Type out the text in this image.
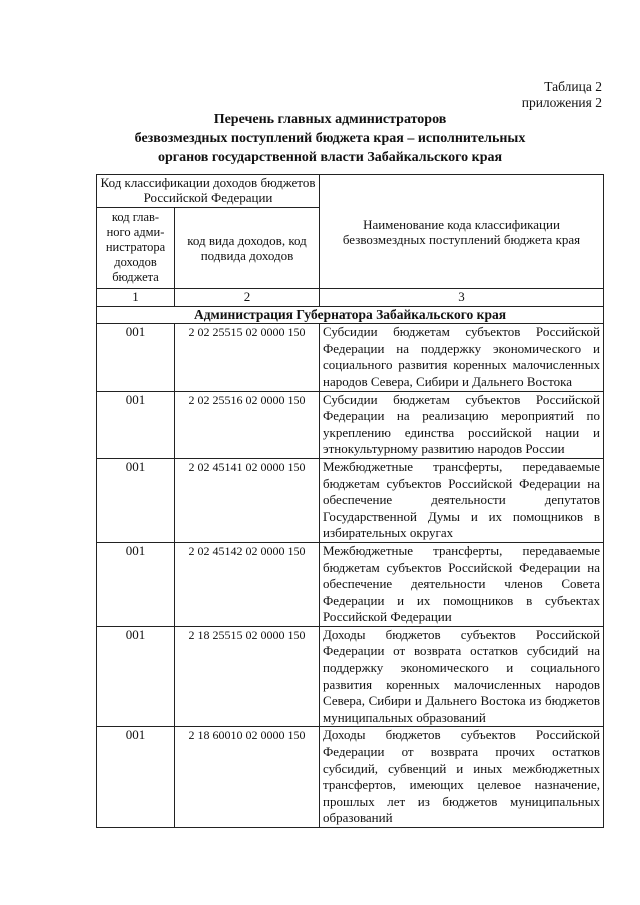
Таблица 2
приложения 2
Перечень главных администраторов
безвозмездных поступлений бюджета края – исполнительных
органов государственной власти Забайкальского края
Код классификации доходов бюджетов Российской Федерации		Наименование кода классификации безвозмездных поступлений бюджета края
код глав-
ного адми-
нистратора
доходов
бюджета	код вида доходов, код подвида доходов	
1	2	3
Администрация Губернатора Забайкальского края		
001	2 02 25515 02 0000 150	Субсидии бюджетам субъектов Российской Федерации на поддержку экономического и социального развития коренных малочисленных народов Севера, Сибири и Дальнего Востока

001	2 02 25516 02 0000 150	Субсидии бюджетам субъектов Российской Федерации на реализацию мероприятий по укреплению единства российской нации и этнокультурному развитию народов России

001	2 02 45141 02 0000 150	Межбюджетные трансферты, передаваемые бюджетам субъектов Российской Федерации на обеспечение деятельности депутатов Государственной Думы и их помощников в избирательных округах

001	2 02 45142 02 0000 150	Межбюджетные трансферты, передаваемые бюджетам субъектов Российской Федерации на обеспечение деятельности членов Совета Федерации и их помощников в субъектах Российской Федерации

001	2 18 25515 02 0000 150	Доходы бюджетов субъектов Российской Федерации от возврата остатков субсидий на поддержку экономического и социального развития коренных малочисленных народов Севера, Сибири и Дальнего Востока из бюджетов муниципальных образований

001	2 18 60010 02 0000 150	Доходы бюджетов субъектов Российской Федерации от возврата прочих остатков субсидий, субвенций и иных межбюджетных трансфертов, имеющих целевое назначение, прошлых лет из бюджетов муниципальных образований
